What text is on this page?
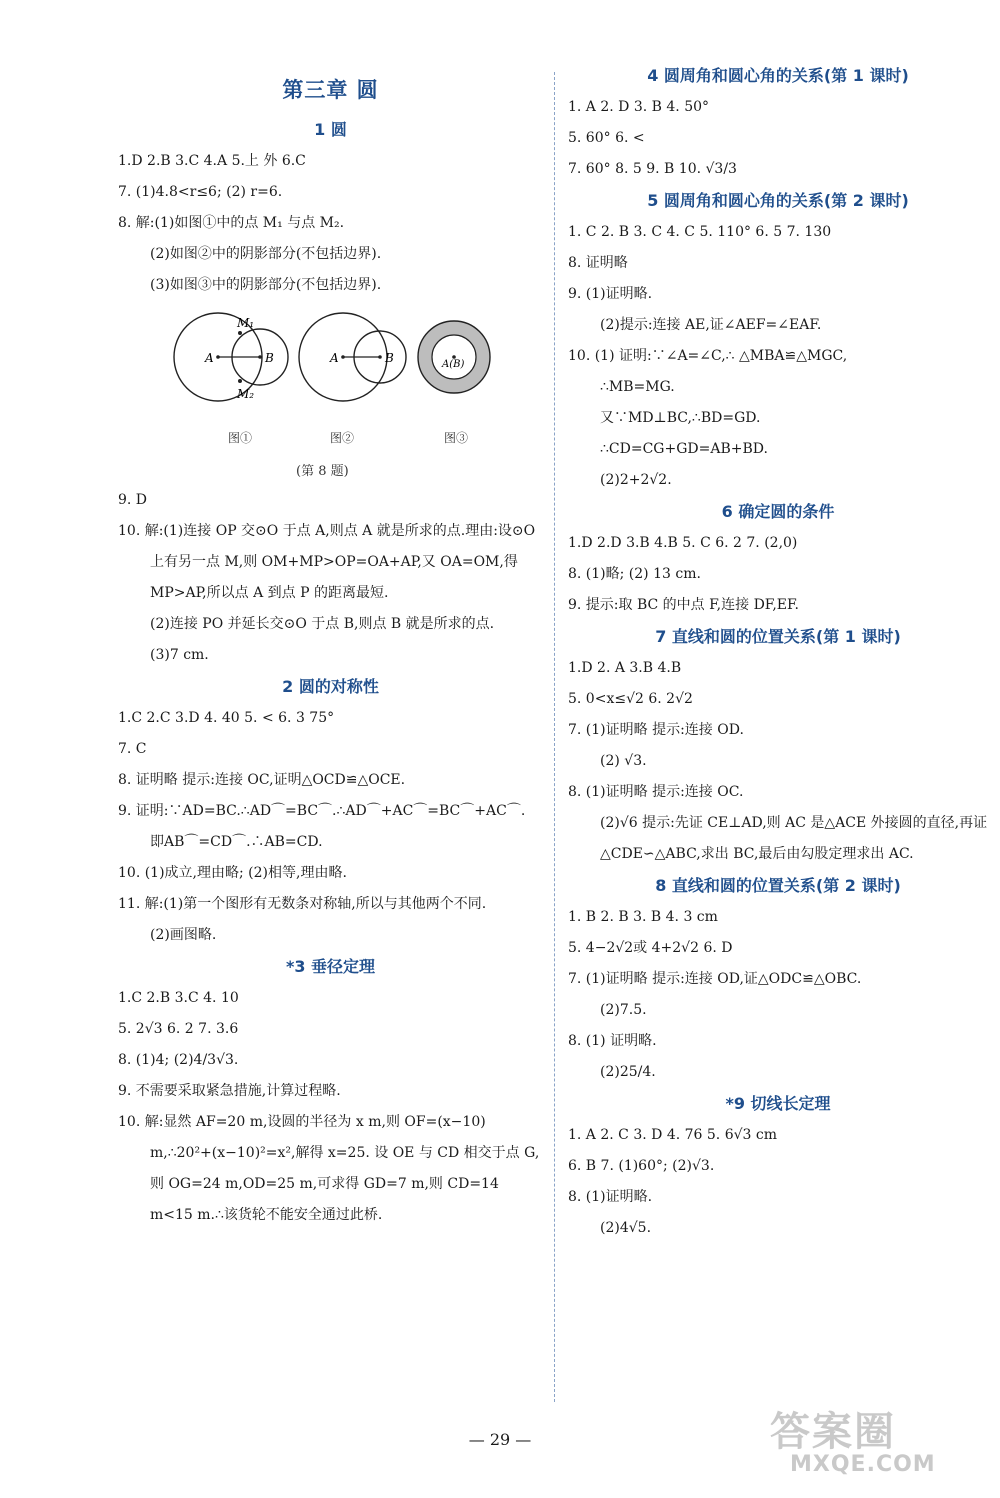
第三章 圆
1 圆
1.D 2.B 3.C 4.A 5.上 外 6.C
7. (1)4.8<r≤6; (2) r=6.
8. 解:(1)如图①中的点 M₁ 与点 M₂.
(2)如图②中的阴影部分(不包括边界).
(3)如图③中的阴影部分(不包括边界).
A	B
M₁
M₂
A	B	A(B)
图①	图②	图③
(第 8 题)
9. D
10. 解:(1)连接 OP 交⊙O 于点 A,则点 A 就是所求的点.理由:设⊙O 上有另一点 M,则 OM+MP>OP=OA+AP,又 OA=OM,得 MP>AP,所以点 A 到点 P 的距离最短.
(2)连接 PO 并延长交⊙O 于点 B,则点 B 就是所求的点.
(3)7 cm.
2 圆的对称性
1.C 2.C 3.D 4. 40 5. < 6. 3 75°
7. C
8. 证明略 提示:连接 OC,证明△OCD≌△OCE.
9. 证明:∵AD=BC.∴AD⌒=BC⌒.∴AD⌒+AC⌒=BC⌒+AC⌒.
即AB⌒=CD⌒.∴AB=CD.
10. (1)成立,理由略; (2)相等,理由略.
11. 解:(1)第一个图形有无数条对称轴,所以与其他两个不同.
(2)画图略.
*3 垂径定理
1.C 2.B 3.C 4. 10
5. 2√3 6. 2 7. 3.6
8. (1)4; (2)4/3√3.
9. 不需要采取紧急措施,计算过程略.
10. 解:显然 AF=20 m,设圆的半径为 x m,则 OF=(x−10) m,∴20²+(x−10)²=x²,解得 x=25. 设 OE 与 CD 相交于点 G,则 OG=24 m,OD=25 m,可求得 GD=7 m,则 CD=14 m<15 m.∴该货轮不能安全通过此桥.
4 圆周角和圆心角的关系(第 1 课时)
1. A 2. D 3. B 4. 50°
5. 60° 6. <
7. 60° 8. 5 9. B 10. √3/3
5 圆周角和圆心角的关系(第 2 课时)
1. C 2. B 3. C 4. C 5. 110° 6. 5 7. 130
8. 证明略
9. (1)证明略.
(2)提示:连接 AE,证∠AEF=∠EAF.
10. (1) 证明:∵∠A=∠C,∴ △MBA≌△MGC,
∴MB=MG.
又∵MD⊥BC,∴BD=GD.
∴CD=CG+GD=AB+BD.
(2)2+2√2.
6 确定圆的条件
1.D 2.D 3.B 4.B 5. C 6. 2 7. (2,0)
8. (1)略; (2) 13 cm.
9. 提示:取 BC 的中点 F,连接 DF,EF.
7 直线和圆的位置关系(第 1 课时)
1.D 2. A 3.B 4.B
5. 0<x≤√2 6. 2√2
7. (1)证明略 提示:连接 OD.
(2) √3.
8. (1)证明略 提示:连接 OC.
(2)√6 提示:先证 CE⊥AD,则 AC 是△ACE 外接圆的直径,再证△CDE∽△ABC,求出 BC,最后由勾股定理求出 AC.
8 直线和圆的位置关系(第 2 课时)
1. B 2. B 3. B 4. 3 cm
5. 4−2√2或 4+2√2 6. D
7. (1)证明略 提示:连接 OD,证△ODC≌△OBC.
(2)7.5.
8. (1) 证明略.
(2)25/4.
*9 切线长定理
1. A 2. C 3. D 4. 76 5. 6√3 cm
6. B 7. (1)60°; (2)√3.
8. (1)证明略.
(2)4√5.
— 29 —	答案圈
MXQE.COM
